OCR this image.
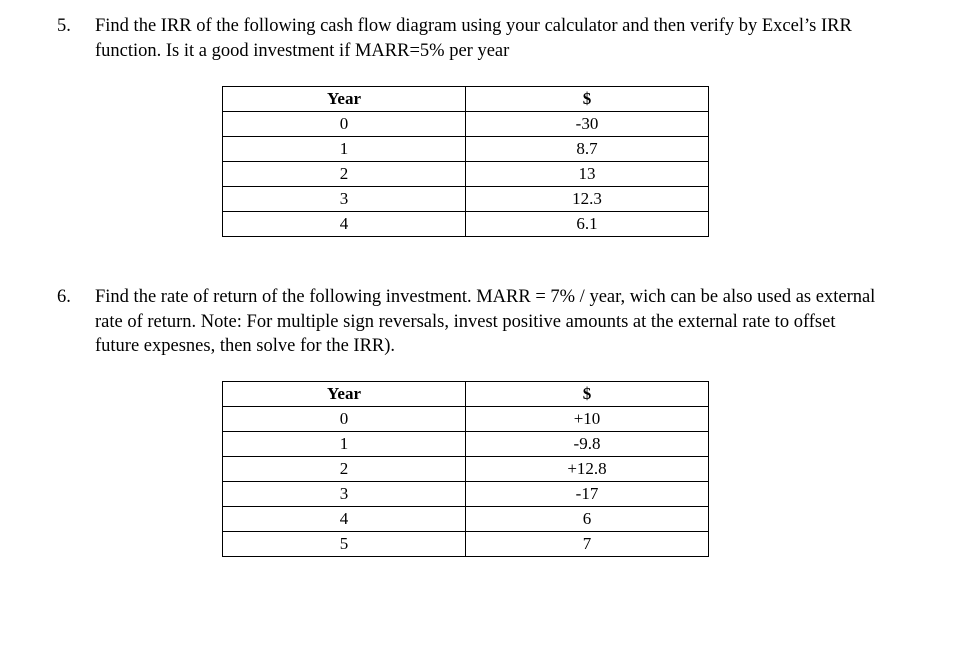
5. Find the IRR of the following cash flow diagram using your calculator and then verify by Excel’s IRR
function. Is it a good investment if MARR=5% per year
Year	$
0	-30
1	8.7
2	13
3	12.3
4	6.1
6. Find the rate of return of the following investment. MARR = 7% / year, wich can be also used as external
rate of return. Note: For multiple sign reversals, invest positive amounts at the external rate to offset
future expesnes, then solve for the IRR).
Year	$
0	+10
1	-9.8
2	+12.8
3	-17
4	6
5	7
